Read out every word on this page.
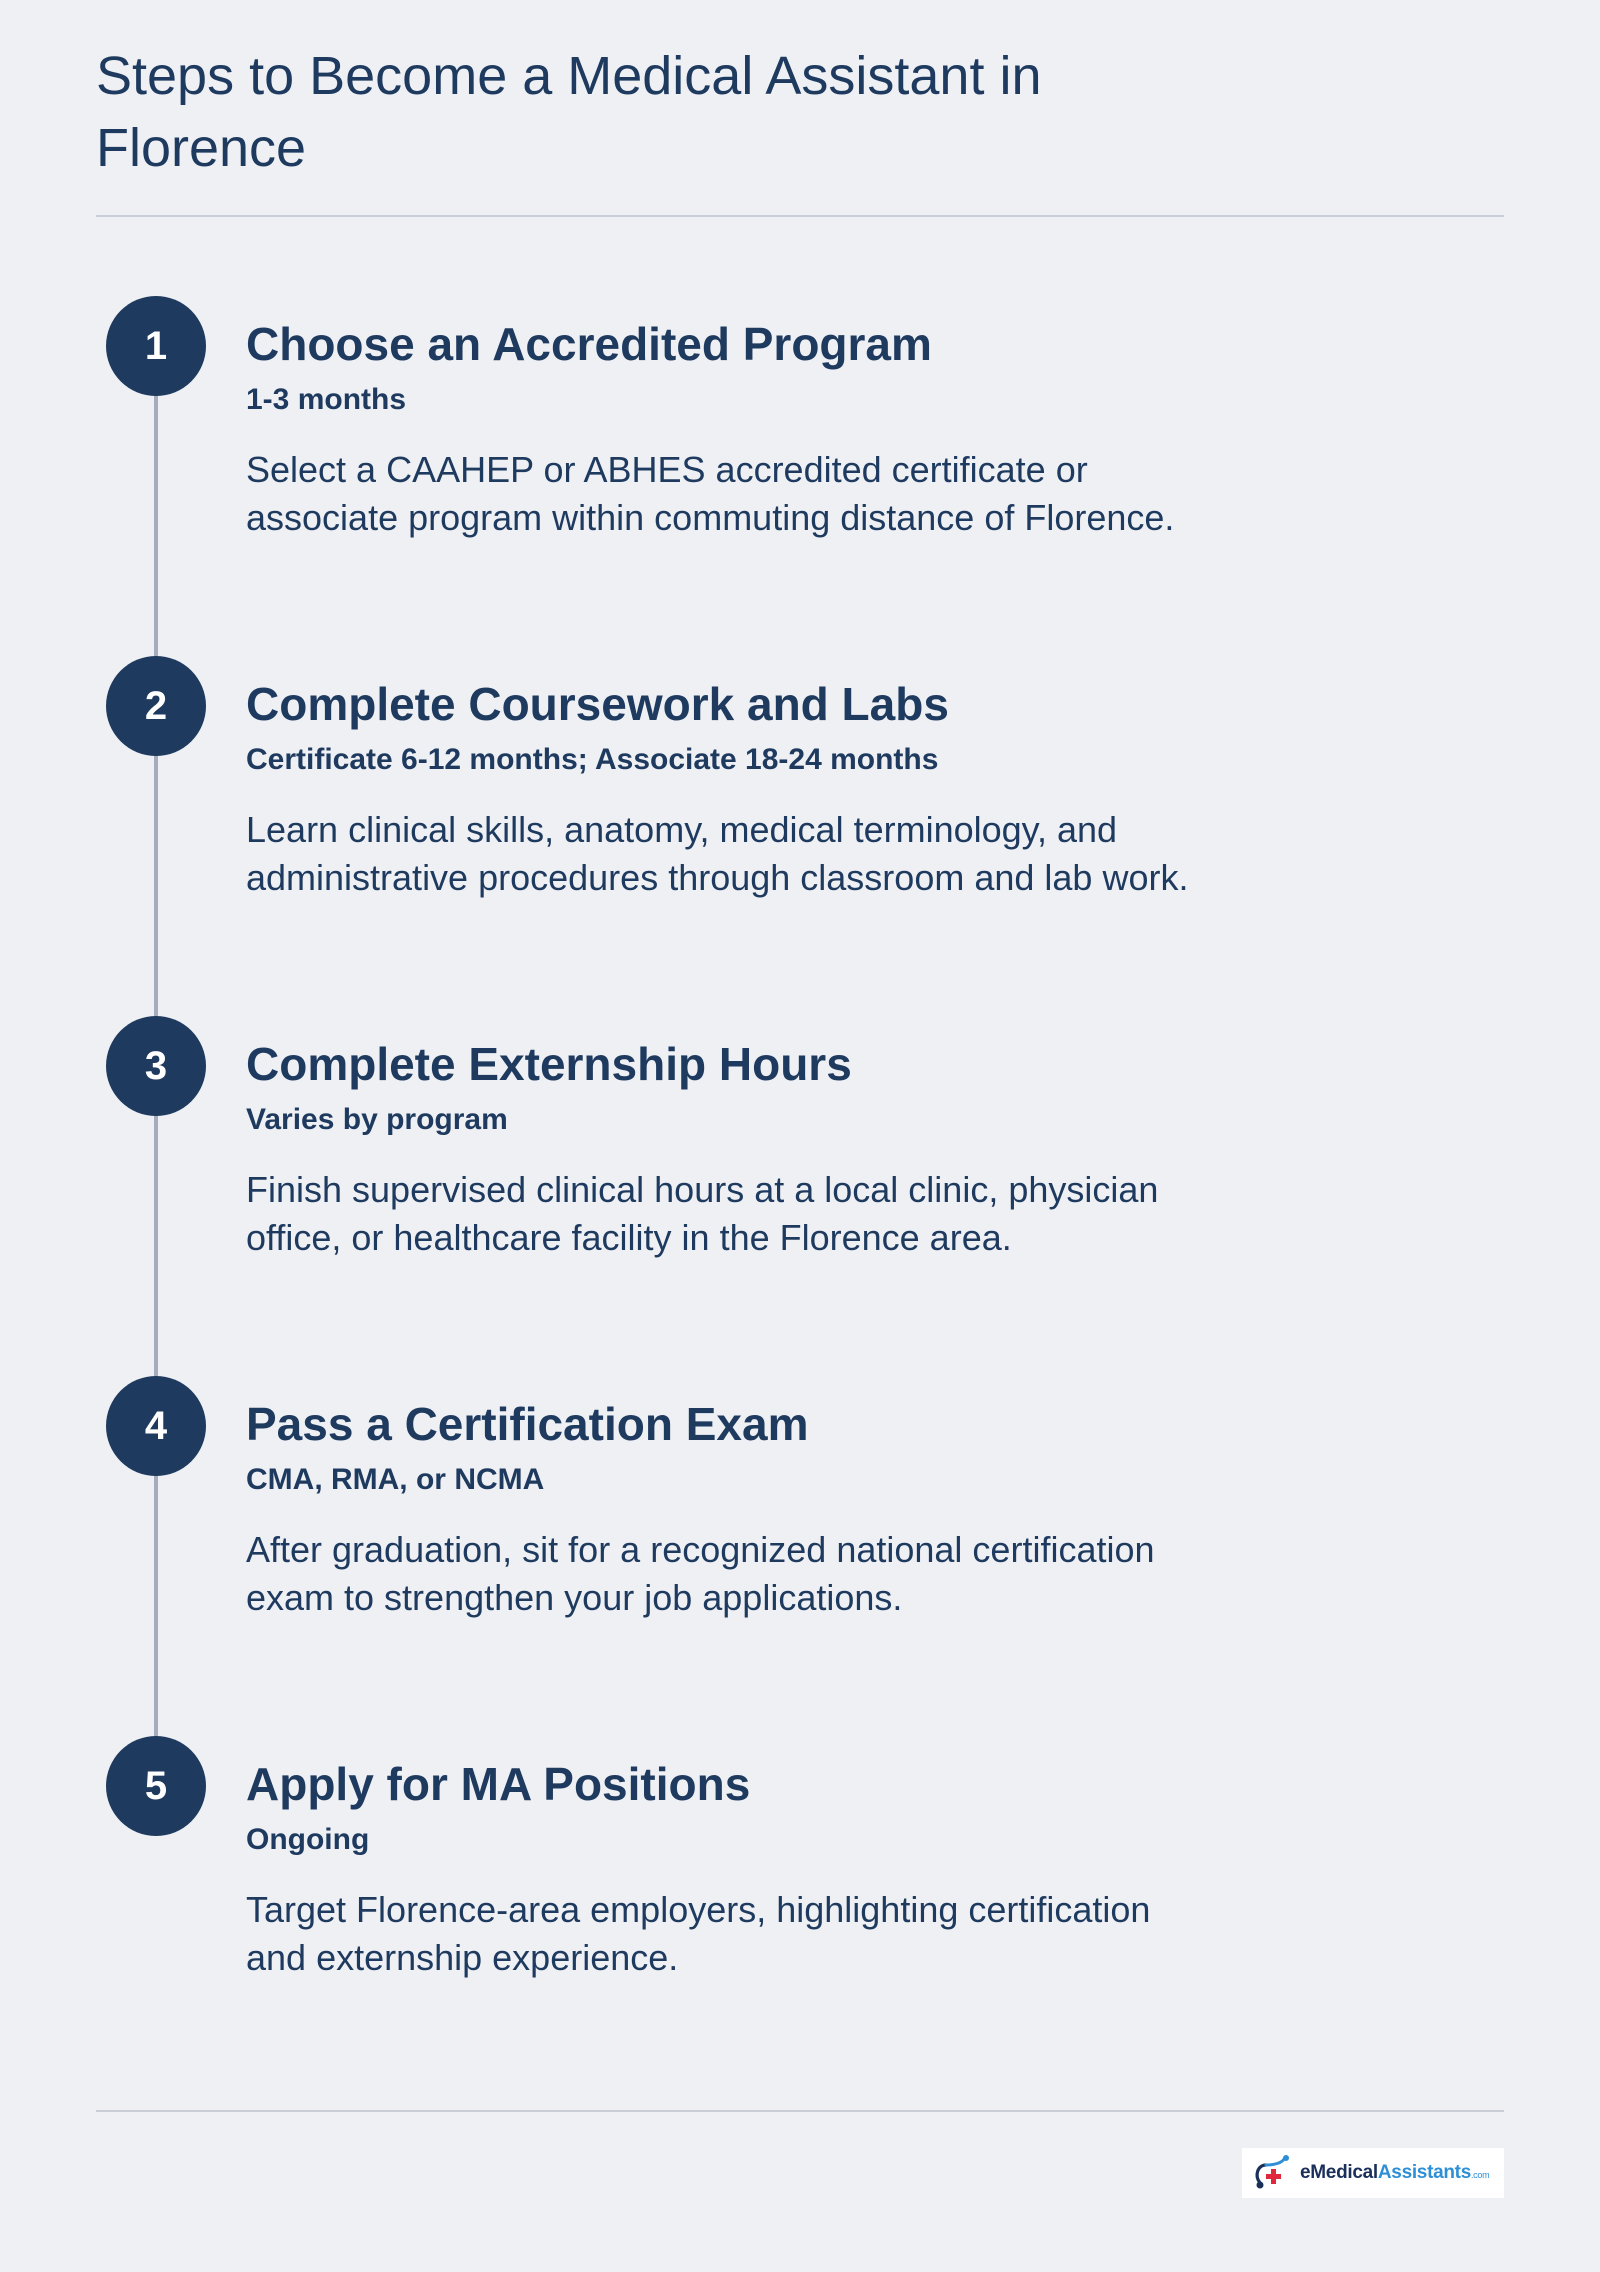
Steps to Become a Medical Assistant in Florence
1	Choose an Accredited Program
1-3 months

Select a CAAHEP or ABHES accredited certificate or associate program within commuting distance of Florence.

2	Complete Coursework and Labs
Certificate 6-12 months; Associate 18-24 months

Learn clinical skills, anatomy, medical terminology, and administrative procedures through classroom and lab work.

3	Complete Externship Hours
Varies by program

Finish supervised clinical hours at a local clinic, physician office, or healthcare facility in the Florence area.

4	Pass a Certification Exam
CMA, RMA, or NCMA

After graduation, sit for a recognized national certification exam to strengthen your job applications.

5	Apply for MA Positions
Ongoing

Target Florence-area employers, highlighting certification and externship experience.

eMedicalAssistants.com
